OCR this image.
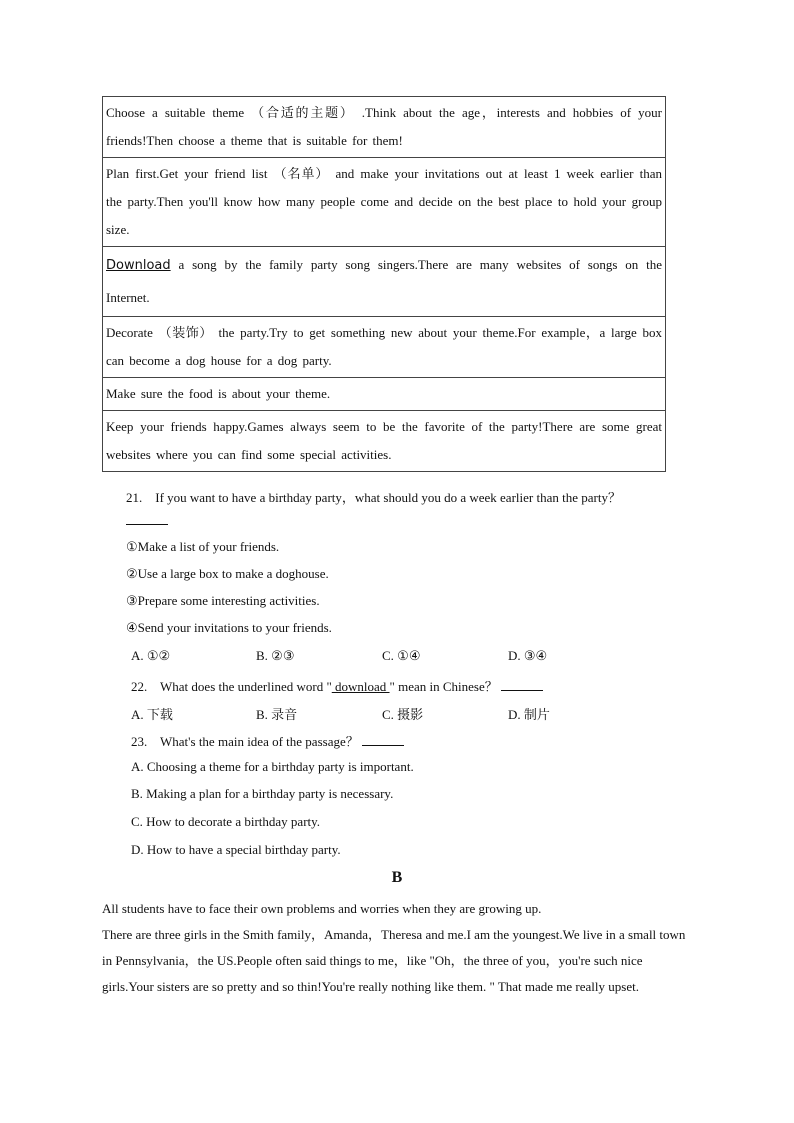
Choose a suitable theme （合适的主题） .Think about the age，interests and hobbies of your friends!Then choose a theme that is suitable for them!
Plan first.Get your friend list （名单） and make your invitations out at least 1 week earlier than the party.Then you'll know how many people come and decide on the best place to hold your group size.
Download a song by the family party song singers.There are many websites of songs on the Internet.
Decorate （装饰） the party.Try to get something new about your theme.For example，a large box can become a dog house for a dog party.
Make sure the food is about your theme.
Keep your friends happy.Games always seem to be the favorite of the party!There are some great websites where you can find some special activities.
21. If you want to have a birthday party，what should you do a week earlier than the party？
①Make a list of your friends.
②Use a large box to make a doghouse.
③Prepare some interesting activities.
④Send your invitations to your friends.
A. ①②	B. ②③	C. ①④	D. ③④
22. What does the underlined word " download " mean in Chinese？
A. 下载	B. 录音	C. 摄影	D. 制片
23. What's the main idea of the passage？
A. Choosing a theme for a birthday party is important.
B. Making a plan for a birthday party is necessary.
C. How to decorate a birthday party.
D. How to have a special birthday party.
B
All students have to face their own problems and worries when they are growing up.
There are three girls in the Smith family，Amanda，Theresa and me.I am the youngest.We live in a small town in Pennsylvania，the US.People often said things to me，like "Oh，the three of you，you're such nice girls.Your sisters are so pretty and so thin!You're really nothing like them. " That made me really upset.
